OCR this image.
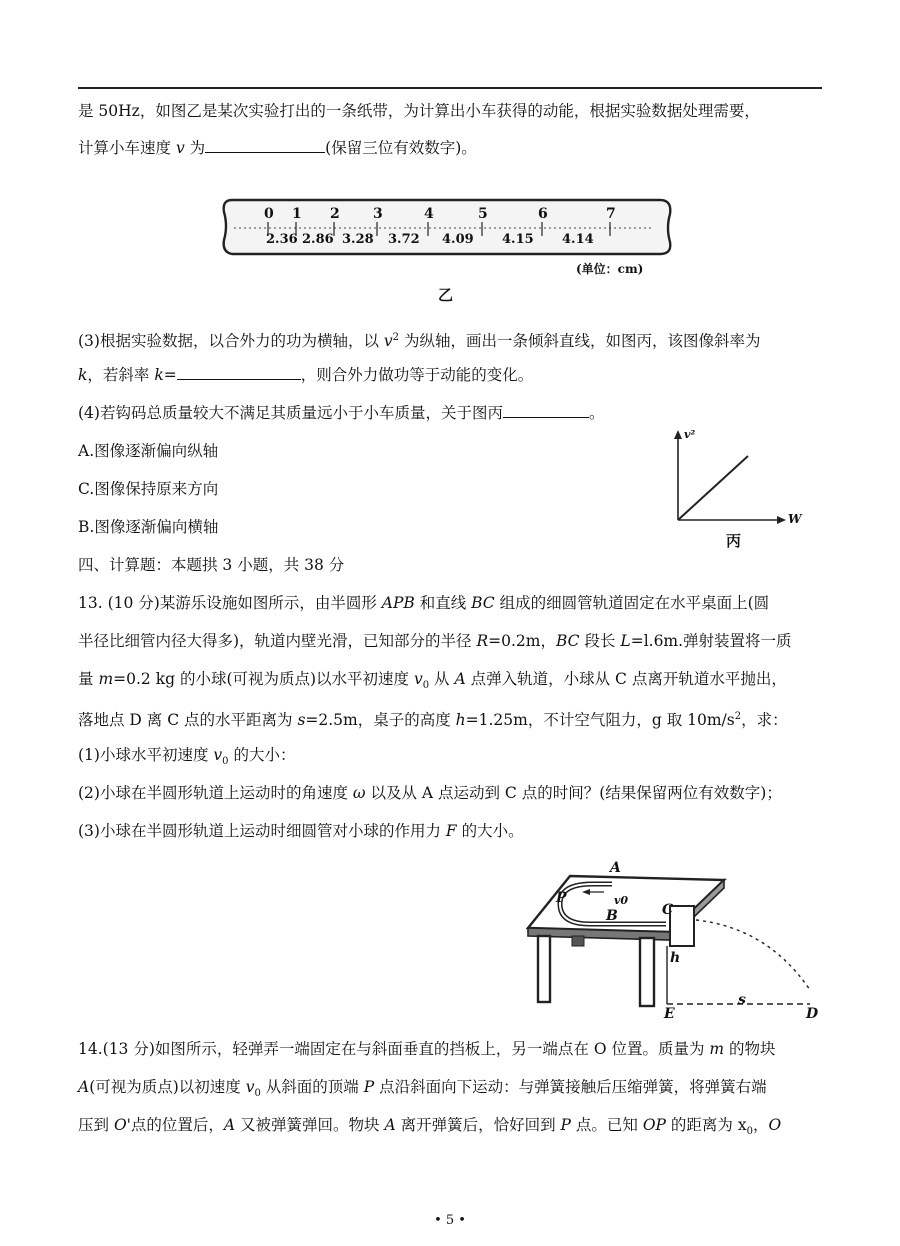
是 50Hz，如图乙是某次实验打出的一条纸带，为计算出小车获得的动能，根据实验数据处理需要，
计算小车速度 v 为	(保留三位有效数字)。
0 1 2 3	4	5	6	7
2.36 2.86 3.28 3.72 4.09 4.15 4.14
(单位：cm)
乙
(3)根据实验数据，以合外力的功为横轴，以 $v^2$ 为纵轴，画出一条倾斜直线，如图丙，该图像斜率为
k，若斜率 k=	，则合外力做功等于动能的变化。
(4)若钩码总质量较大不满足其质量远小于小车质量，关于图丙	。
A.图像逐渐偏向纵轴
C.图像保持原来方向
B.图像逐渐偏向横轴
v²
W
丙
四、计算题：本题拱 3 小题，共 38 分
13. (10 分)某游乐设施如图所示，由半圆形 APB 和直线 BC 组成的细圆管轨道固定在水平桌面上(圆
半径比细管内径大得多)，轨道内壁光滑，已知部分的半径 R=0.2m，BC 段长 L=l.6m.弹射装置将一质
量 m=0.2 kg 的小球(可视为质点)以水平初速度 $v_0$ 从 A 点弹入轨道，小球从 C 点离开轨道水平抛出，
落地点 D 离 C 点的水平距离为 s=2.5m，桌子的高度 h=1.25m，不计空气阻力，g 取 $10m/s^2$，求：
(1)小球水平初速度 $v_0$ 的大小：
(2)小球在半圆形轨道上运动时的角速度 ω 以及从 A 点运动到 C 点的时间？(结果保留两位有效数字)；
(3)小球在半圆形轨道上运动时细圆管对小球的作用力 F 的大小。
A
P
B	C
v0
h
s
E	D
14.(13 分)如图所示，轻弹弄一端固定在与斜面垂直的挡板上，另一端点在 O 位置。质量为 m 的物块
A(可视为质点)以初速度 $v_0$ 从斜面的顶端 P 点沿斜面向下运动：与弹簧接触后压缩弹簧，将弹簧右端
压到 O'点的位置后，A 又被弹簧弹回。物块 A 离开弹簧后，恰好回到 P 点。已知 OP 的距离为 $x_0$，O
• 5 •
